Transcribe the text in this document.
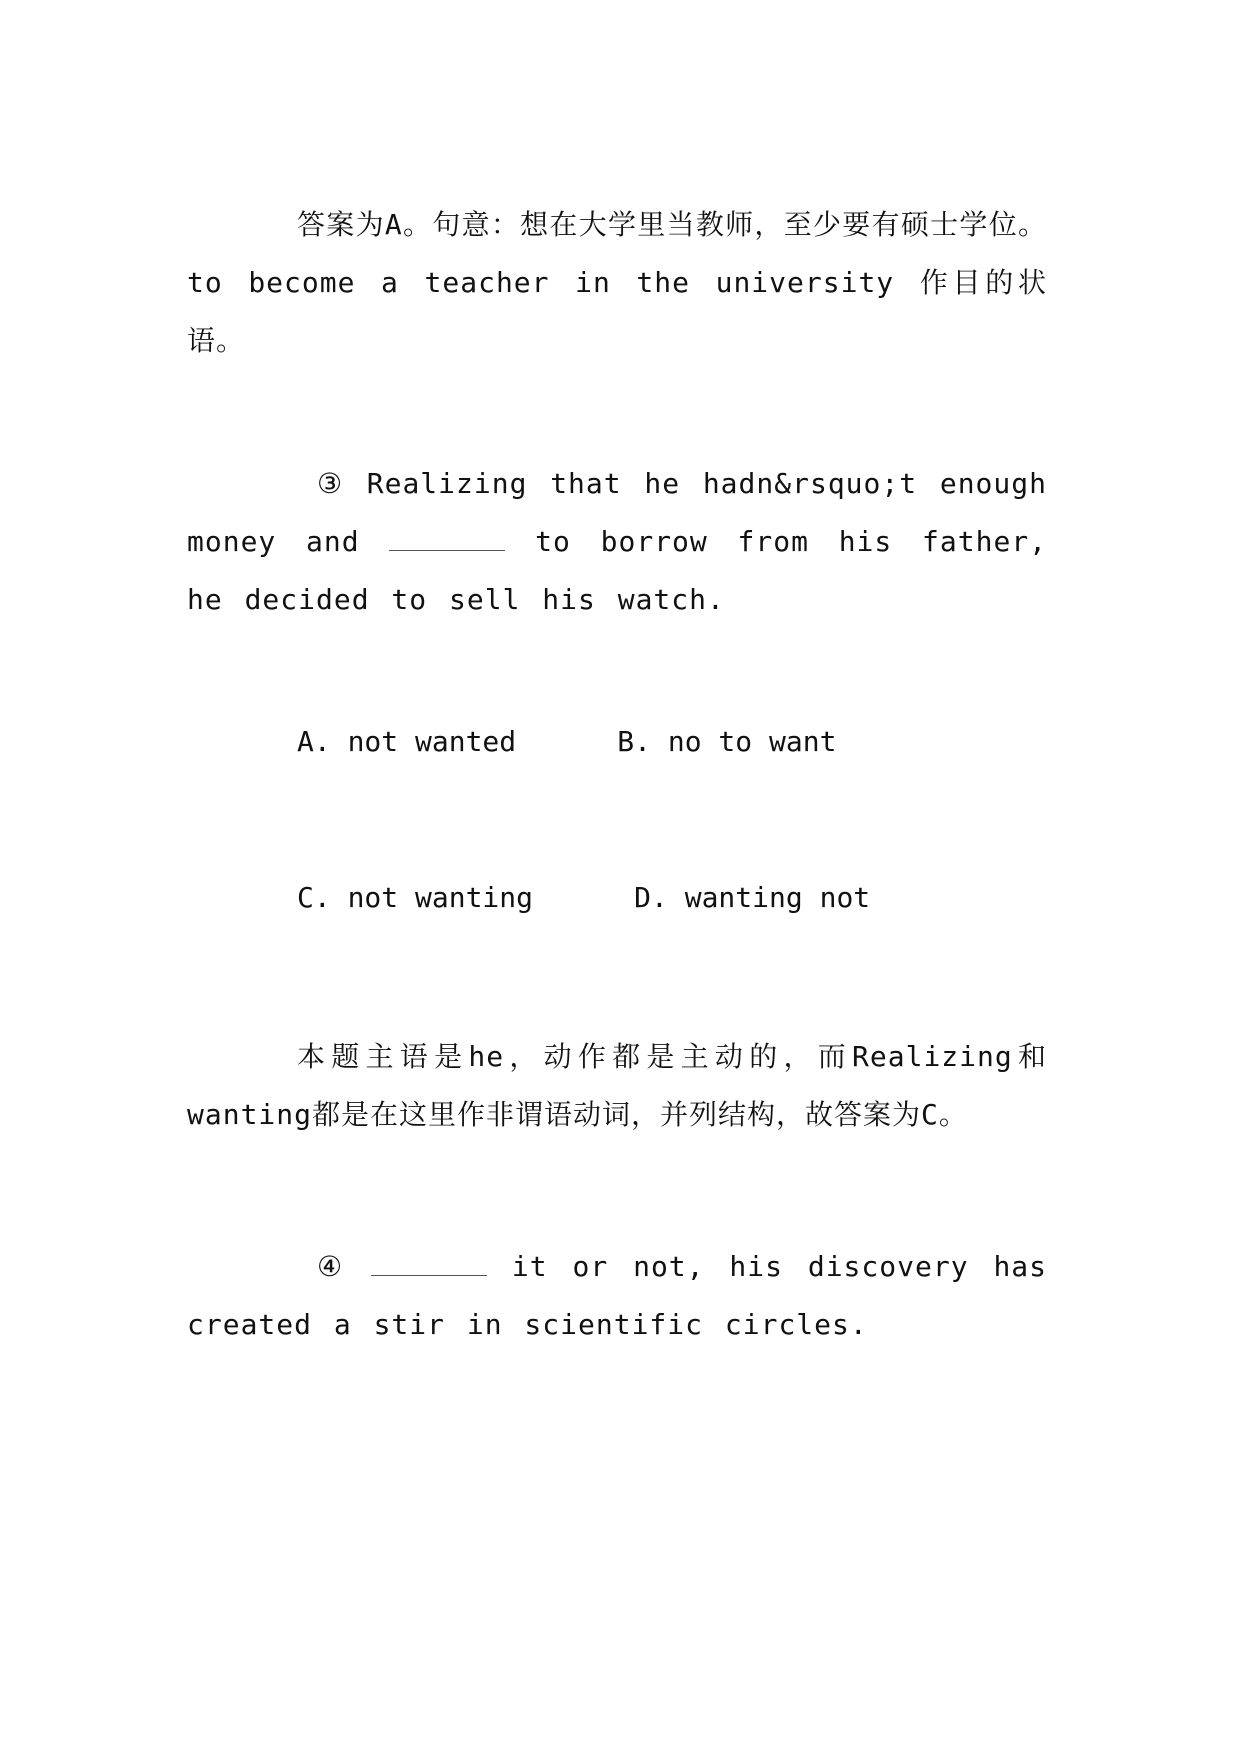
答案为A。句意：想在大学里当教师，至少要有硕士学位。to become a teacher in the university 作目的状语。

③ Realizing that he hadn&rsquo;t enough money and	to borrow from his father, he decided to sell his watch.

A. not wanted      B. no to want

C. not wanting      D. wanting not

本题主语是he，动作都是主动的，而Realizing和wanting都是在这里作非谓语动词，并列结构，故答案为C。

④	it or not, his discovery has created a stir in scientific circles.
